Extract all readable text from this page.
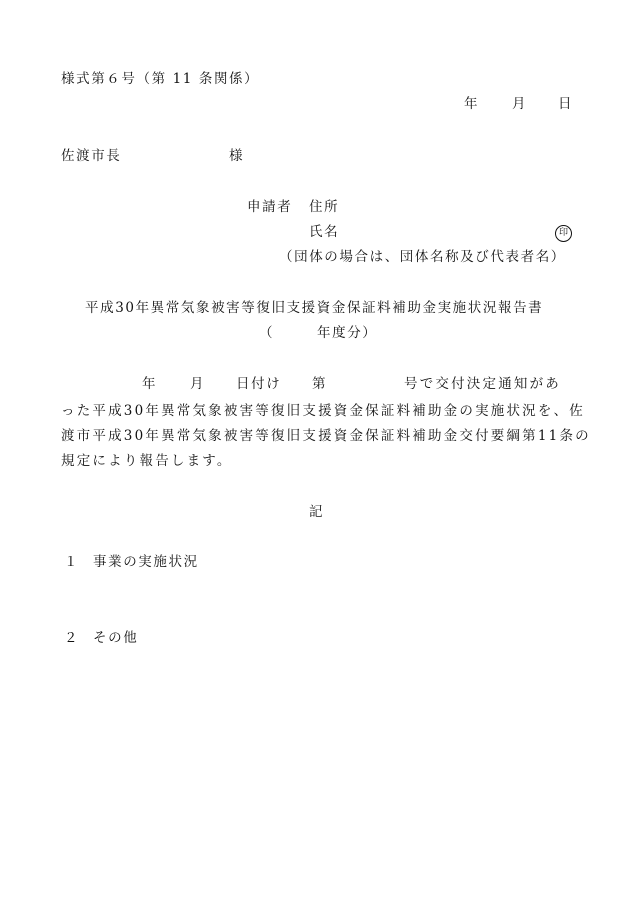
様式第６号（第 11 条関係）
年	月 日
佐渡市長	様
申請者 住所
氏名	印
（団体の場合は、団体名称及び代表者名）
平成30年異常気象被害等復旧支援資金保証料補助金実施状況報告書
（	年度分）
年	月 日付け 第	号で交付決定通知があ
った平成30年異常気象被害等復旧支援資金保証料補助金の実施状況を、佐
渡市平成30年異常気象被害等復旧支援資金保証料補助金交付要綱第11条の
規定により報告します。
記
１ 事業の実施状況
２ その他
